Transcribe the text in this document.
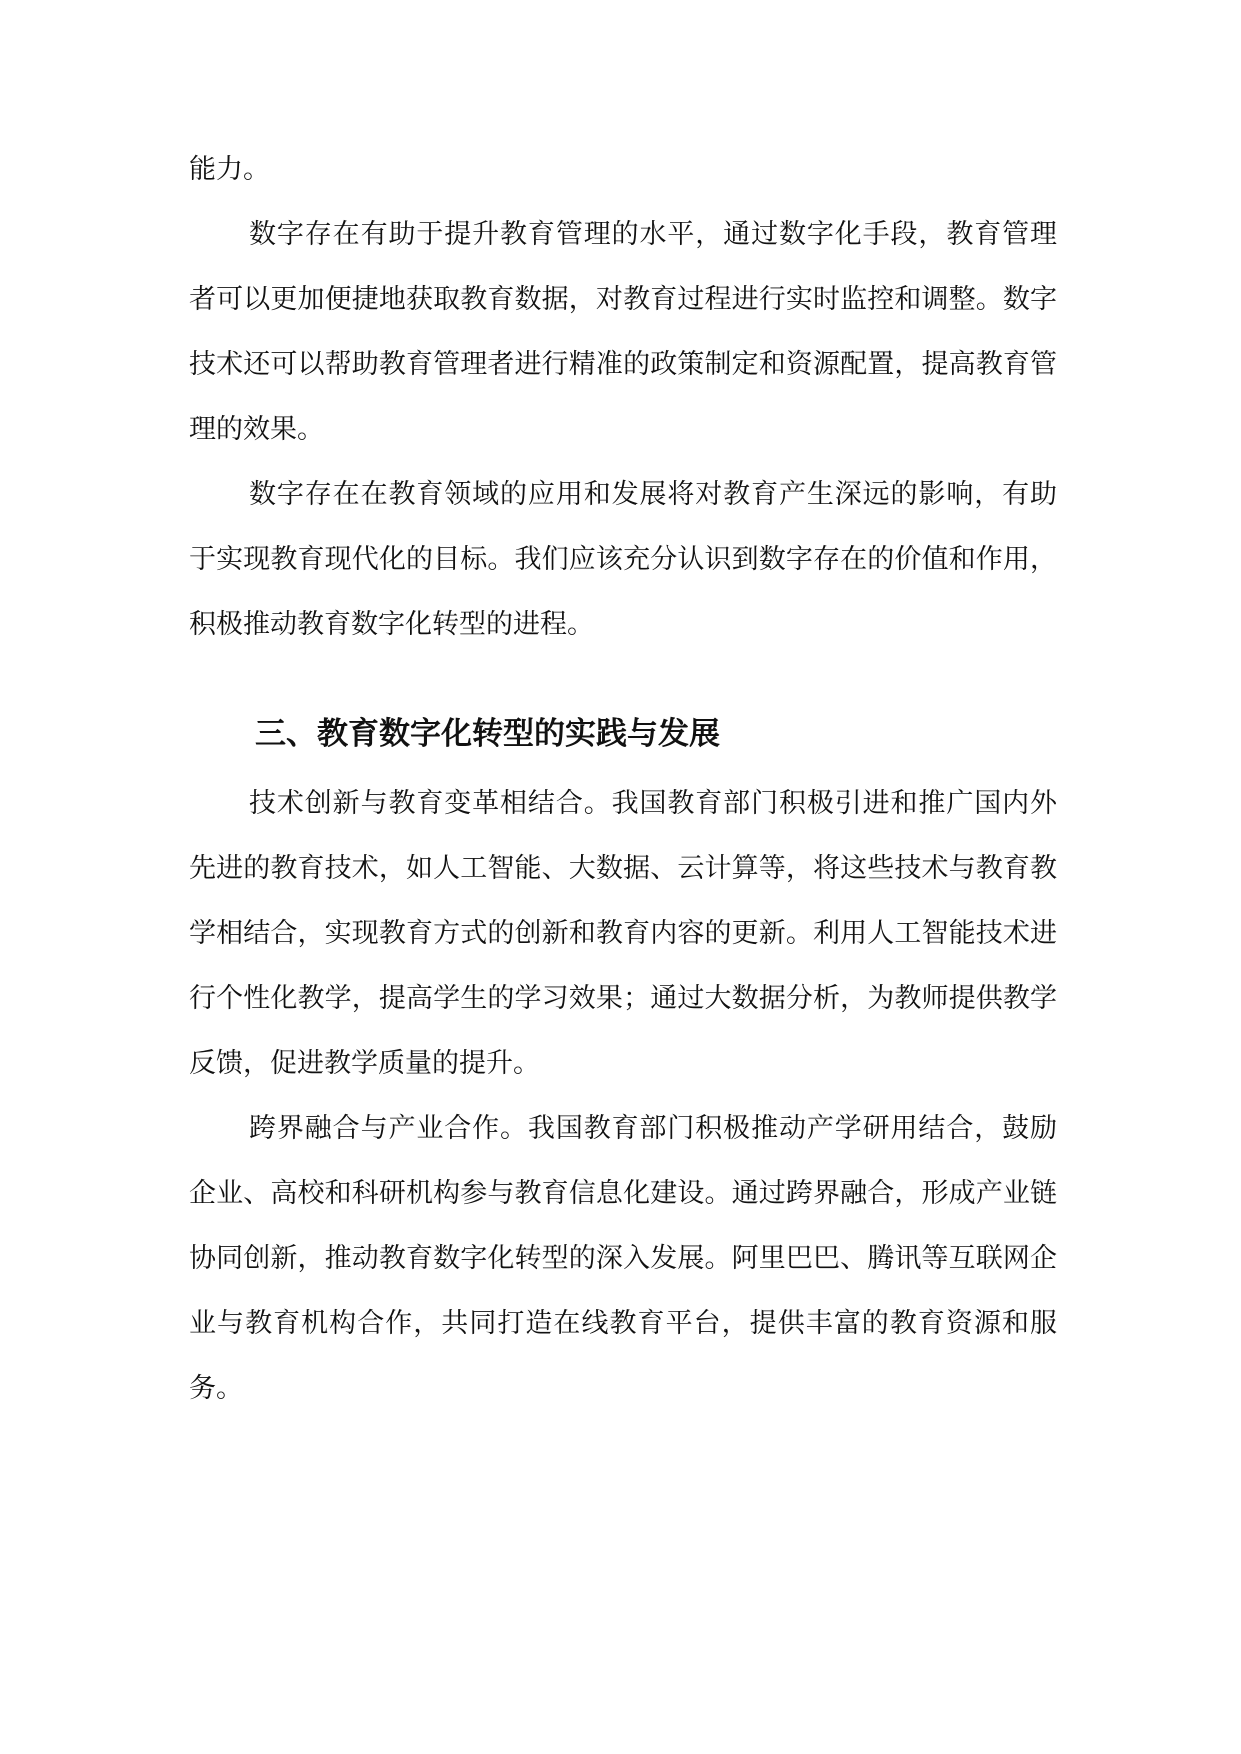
能力。

数字存在有助于提升教育管理的水平，通过数字化手段，教育管理者可以更加便捷地获取教育数据，对教育过程进行实时监控和调整。数字技术还可以帮助教育管理者进行精准的政策制定和资源配置，提高教育管理的效果。

数字存在在教育领域的应用和发展将对教育产生深远的影响，有助于实现教育现代化的目标。我们应该充分认识到数字存在的价值和作用，积极推动教育数字化转型的进程。

三、教育数字化转型的实践与发展

技术创新与教育变革相结合。我国教育部门积极引进和推广国内外先进的教育技术，如人工智能、大数据、云计算等，将这些技术与教育教学相结合，实现教育方式的创新和教育内容的更新。利用人工智能技术进行个性化教学，提高学生的学习效果；通过大数据分析，为教师提供教学反馈，促进教学质量的提升。

跨界融合与产业合作。我国教育部门积极推动产学研用结合，鼓励企业、高校和科研机构参与教育信息化建设。通过跨界融合，形成产业链协同创新，推动教育数字化转型的深入发展。阿里巴巴、腾讯等互联网企业与教育机构合作，共同打造在线教育平台，提供丰富的教育资源和服务。
